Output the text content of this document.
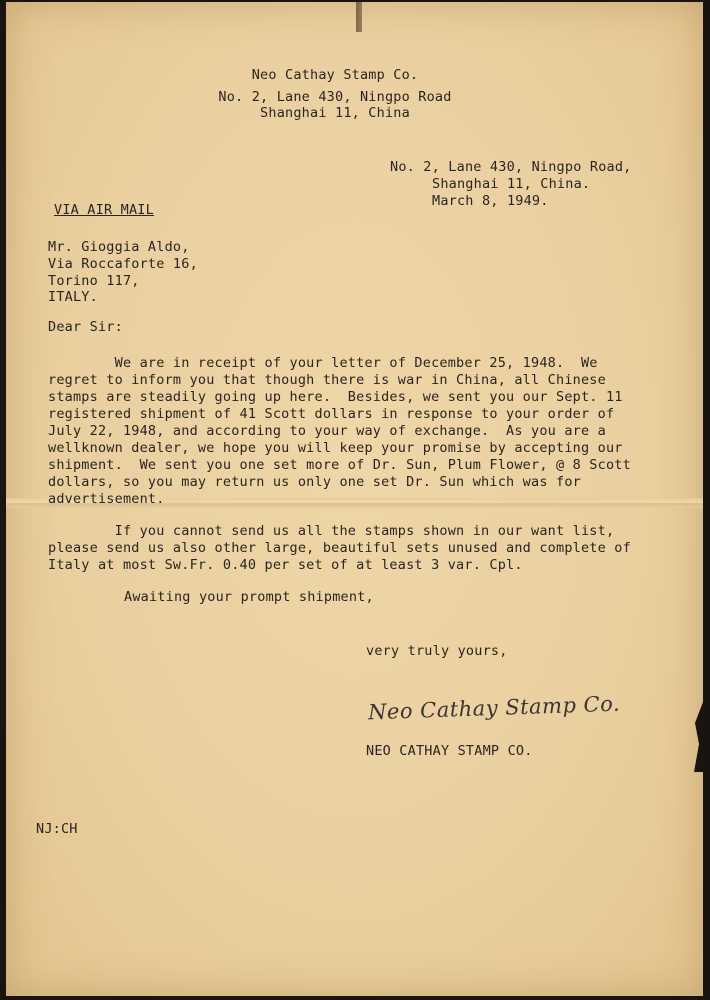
Neo Cathay Stamp Co.
No. 2, Lane 430, Ningpo Road
Shanghai 11, China
No. 2, Lane 430, Ningpo Road,
Shanghai 11, China.
March 8, 1949.
VIA AIR MAIL
Mr. Gioggia Aldo,
Via Roccaforte 16,
Torino 117,
ITALY.
Dear Sir:
We are in receipt of your letter of December 25, 1948.  We
regret to inform you that though there is war in China, all Chinese
stamps are steadily going up here.  Besides, we sent you our Sept. 11
registered shipment of 41 Scott dollars in response to your order of
July 22, 1948, and according to your way of exchange.  As you are a
wellknown dealer, we hope you will keep your promise by accepting our
shipment.  We sent you one set more of Dr. Sun, Plum Flower, @ 8 Scott
dollars, so you may return us only one set Dr. Sun which was for
advertisement.
If you cannot send us all the stamps shown in our want list,
please send us also other large, beautiful sets unused and complete of
Italy at most Sw.Fr. 0.40 per set of at least 3 var. Cpl.
Awaiting your prompt shipment,
very truly yours,
Neo Cathay Stamp Co.
NEO CATHAY STAMP CO.
NJ:CH
